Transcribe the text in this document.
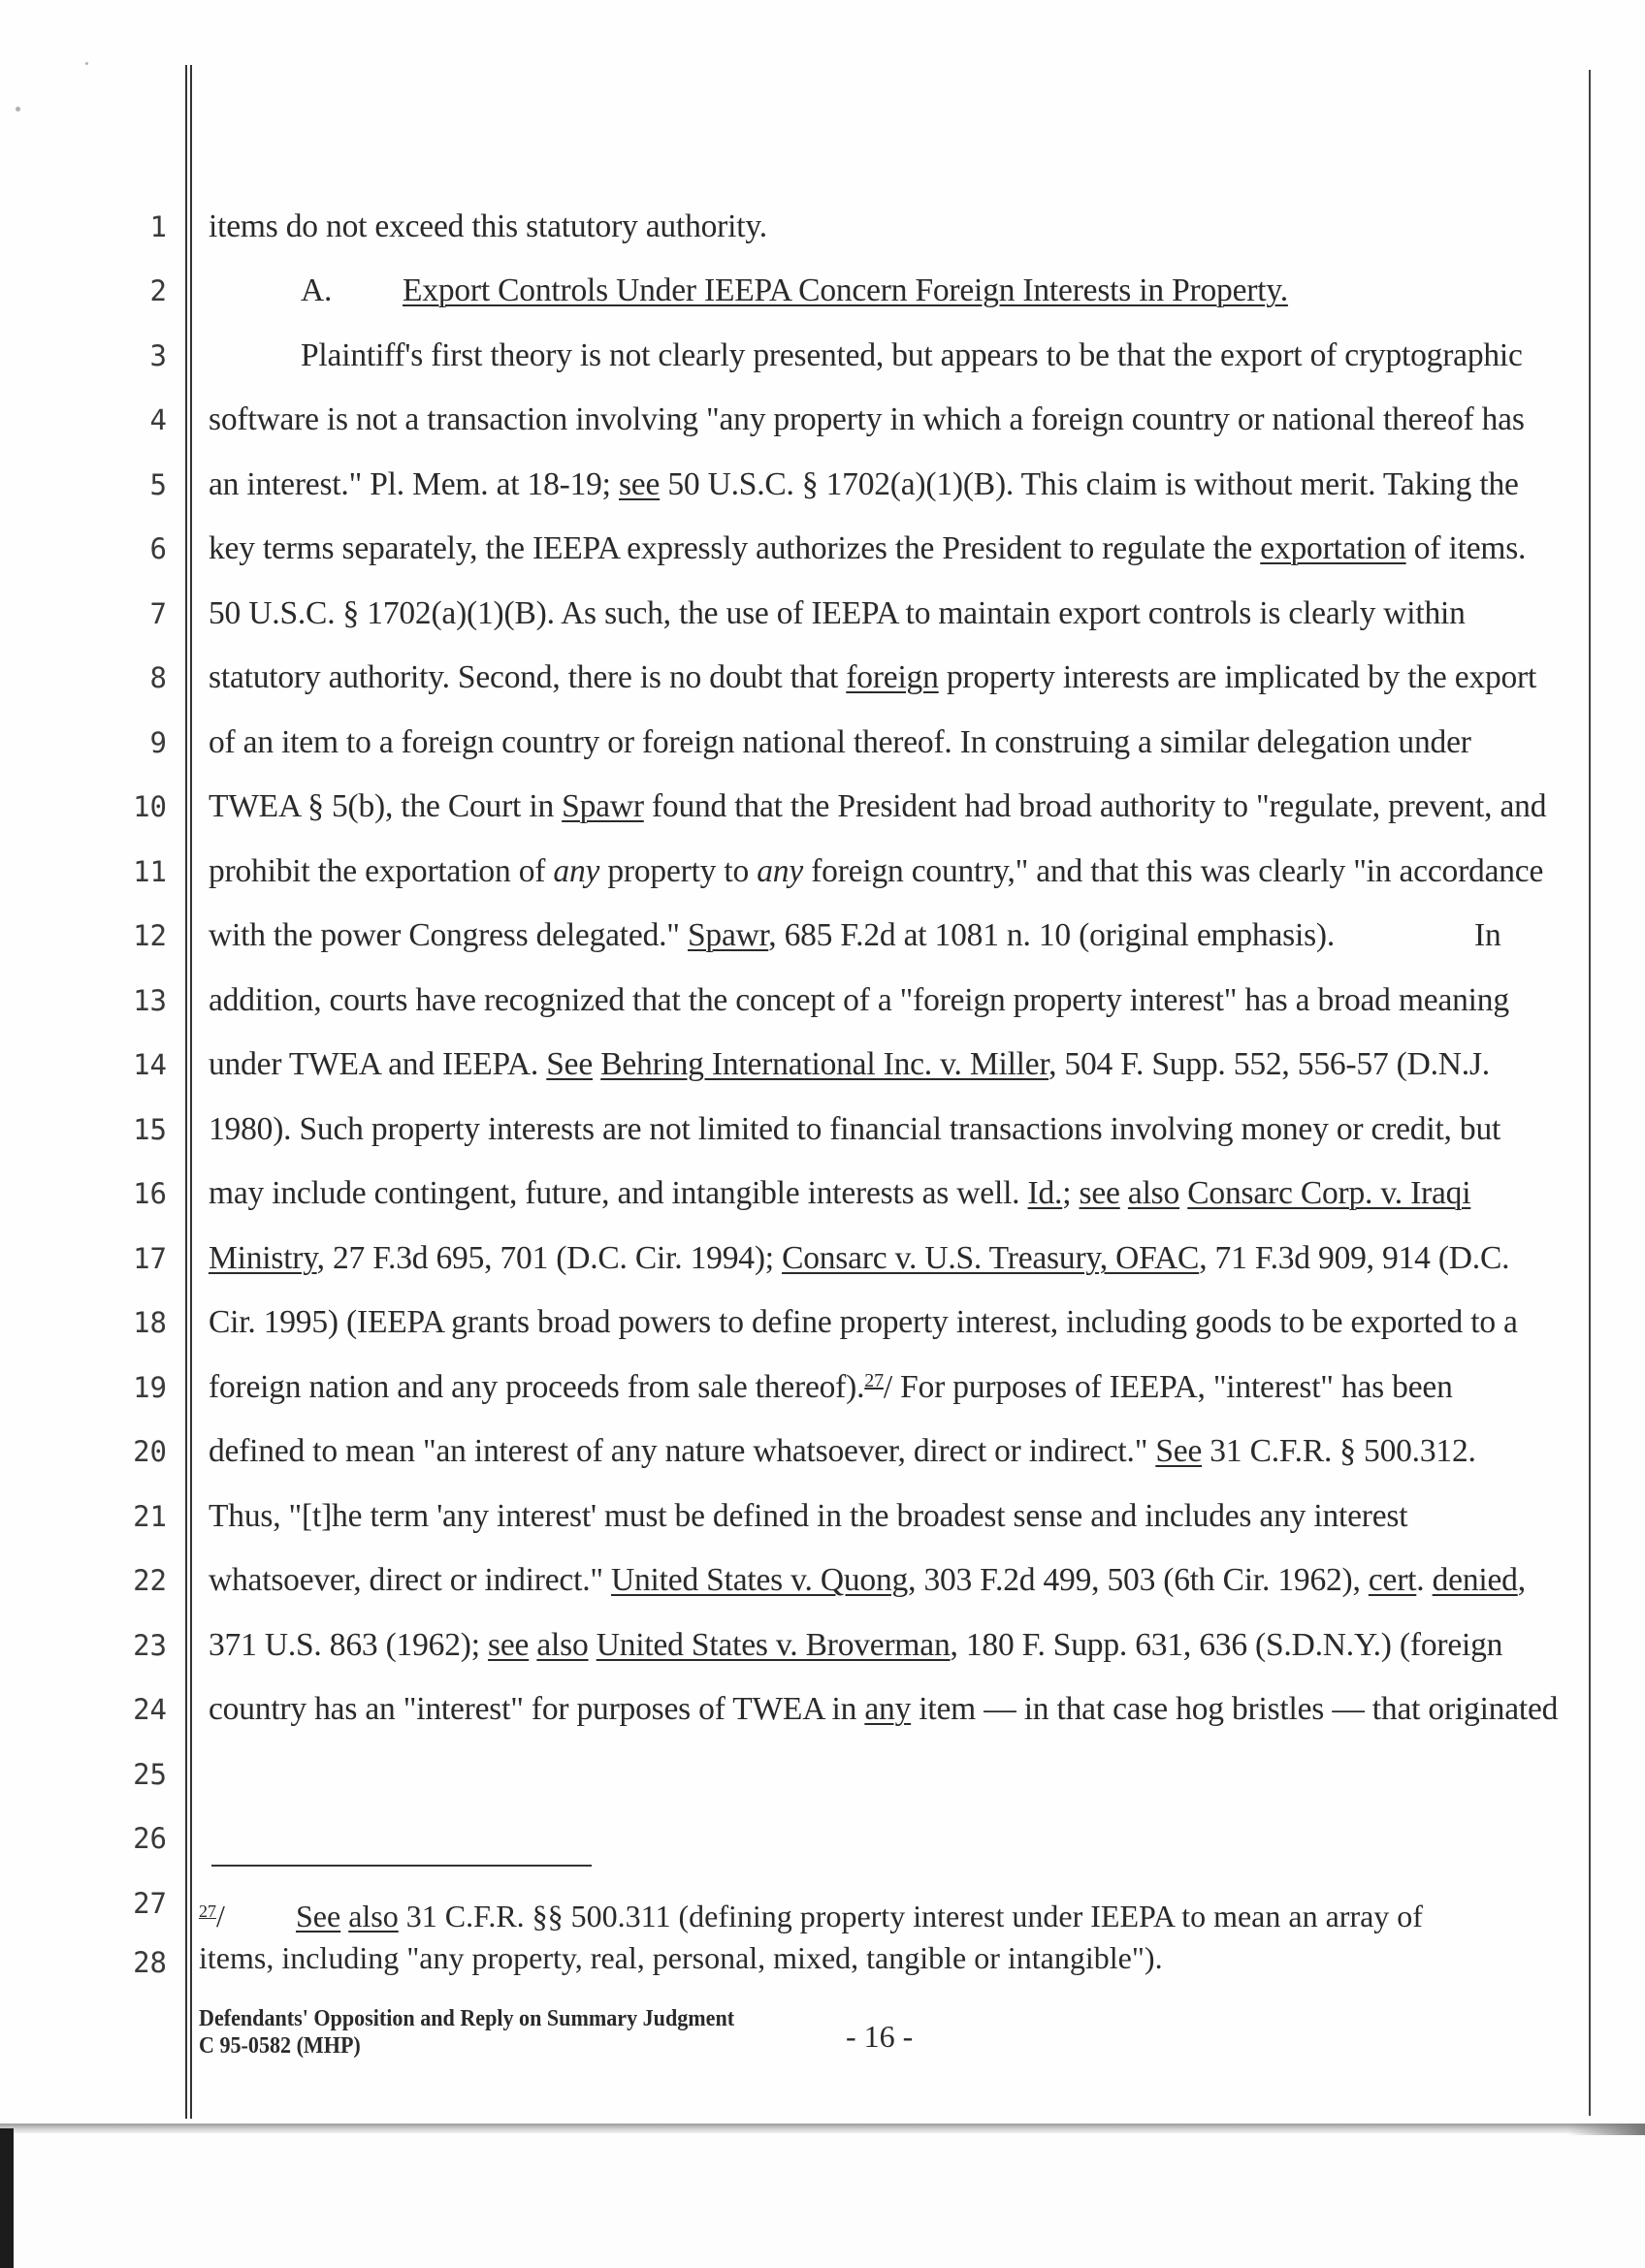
1
2
3
4
5
6
7
8
9
10
11
12
13
14
15
16
17
18
19
20
21
22
23
24
25
26
27
28
items do not exceed this statutory authority.
A. Export Controls Under IEEPA Concern Foreign Interests in Property.
Plaintiff's first theory is not clearly presented, but appears to be that the export of cryptographic
software is not a transaction involving "any property in which a foreign country or national thereof has
an interest." Pl. Mem. at 18-19; see 50 U.S.C. § 1702(a)(1)(B). This claim is without merit. Taking the
key terms separately, the IEEPA expressly authorizes the President to regulate the exportation of items.
50 U.S.C. § 1702(a)(1)(B). As such, the use of IEEPA to maintain export controls is clearly within
statutory authority. Second, there is no doubt that foreign property interests are implicated by the export
of an item to a foreign country or foreign national thereof. In construing a similar delegation under
TWEA § 5(b), the Court in Spawr found that the President had broad authority to "regulate, prevent, and
prohibit the exportation of any property to any foreign country," and that this was clearly "in accordance
with the power Congress delegated." Spawr, 685 F.2d at 1081 n. 10 (original emphasis).	In
addition, courts have recognized that the concept of a "foreign property interest" has a broad meaning
under TWEA and IEEPA. See Behring International Inc. v. Miller, 504 F. Supp. 552, 556-57 (D.N.J.
1980). Such property interests are not limited to financial transactions involving money or credit, but
may include contingent, future, and intangible interests as well. Id.; see also Consarc Corp. v. Iraqi
Ministry, 27 F.3d 695, 701 (D.C. Cir. 1994); Consarc v. U.S. Treasury, OFAC, 71 F.3d 909, 914 (D.C.
Cir. 1995) (IEEPA grants broad powers to define property interest, including goods to be exported to a
foreign nation and any proceeds from sale thereof).$^{27}$/ For purposes of IEEPA, "interest" has been
defined to mean "an interest of any nature whatsoever, direct or indirect." See 31 C.F.R. § 500.312.
Thus, "[t]he term 'any interest' must be defined in the broadest sense and includes any interest
whatsoever, direct or indirect." United States v. Quong, 303 F.2d 499, 503 (6th Cir. 1962), cert. denied,
371 U.S. 863 (1962); see also United States v. Broverman, 180 F. Supp. 631, 636 (S.D.N.Y.) (foreign
country has an "interest" for purposes of TWEA in any item — in that case hog bristles — that originated
$^{27}$/ See also 31 C.F.R. §§ 500.311 (defining property interest under IEEPA to mean an array of
items, including "any property, real, personal, mixed, tangible or intangible").
Defendants' Opposition and Reply on Summary Judgment
C 95-0582 (MHP)	- 16 -
